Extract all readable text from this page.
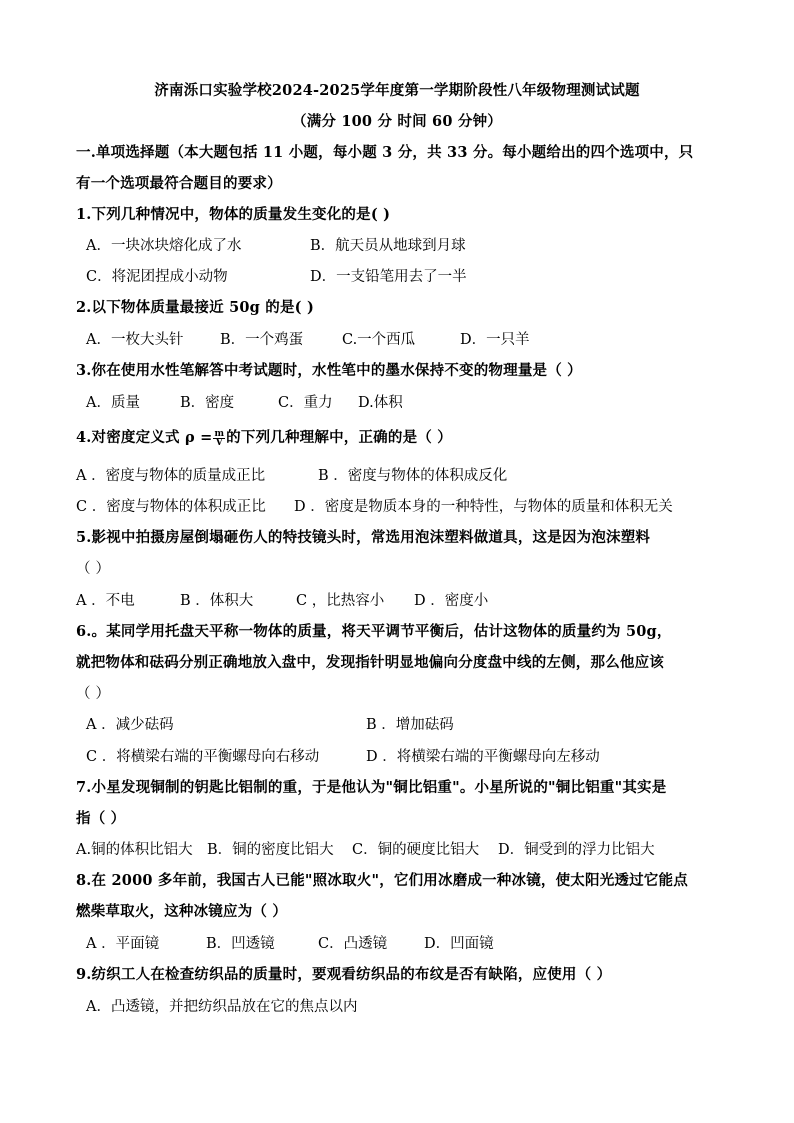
济南泺口实验学校2024-2025学年度第一学期阶段性八年级物理测试试题
（满分 100 分 时间 60 分钟）
一.单项选择题（本大题包括 11 小题，每小题 3 分，共 33 分。每小题给出的四个选项中，只
有一个选项最符合题目的要求）
1.下列几种情况中，物体的质量发生变化的是( )
A．一块冰块熔化成了水	B．航天员从地球到月球
C．将泥团捏成小动物	D．一支铅笔用去了一半
2.以下物体质量最接近 50g 的是( )
A．一枚大头针	B．一个鸡蛋	C.一个西瓜	D．一只羊
3.你在使用水性笔解答中考试题时，水性笔中的墨水保持不变的物理量是（ ）
A．质量	B．密度	C．重力 D.体积
4.对密度定义式 $\rho = \frac{m}{V}$ 的下列几种理解中，正确的是（ ）
A ．密度与物体的质量成正比	B ．密度与物体的体积成反化
C ．密度与物体的体积成正比 D ．密度是物质本身的一种特性，与物体的质量和体积无关
5.影视中拍摄房屋倒塌砸伤人的特技镜头时，常选用泡沫塑料做道具，这是因为泡沫塑料
（ ）
A ．不电	B ．体积大	C ，比热容小 D ．密度小
6.。某同学用托盘天平称一物体的质量，将天平调节平衡后，估计这物体的质量约为 50g，
就把物体和砝码分别正确地放入盘中，发现指针明显地偏向分度盘中线的左侧，那么他应该
（ ）
A ．减少砝码	B ．增加砝码
C ．将横梁右端的平衡螺母向右移动	D ．将横梁右端的平衡螺母向左移动
7.小星发现铜制的钥匙比铝制的重，于是他认为"铜比铝重"。小星所说的"铜比铝重"其实是
指（ ）
A.铜的体积比铝大 B．铜的密度比铝大 C．铜的硬度比铝大 D．铜受到的浮力比铝大
8.在 2000 多年前，我国古人已能"照冰取火"，它们用冰磨成一种冰镜，使太阳光透过它能点
燃柴草取火，这种冰镜应为（ ）
A ．平面镜	B．凹透镜	C．凸透镜	D．凹面镜
9.纺织工人在检查纺织品的质量时，要观看纺织品的布纹是否有缺陷，应使用（ ）
A．凸透镜，并把纺织品放在它的焦点以内
